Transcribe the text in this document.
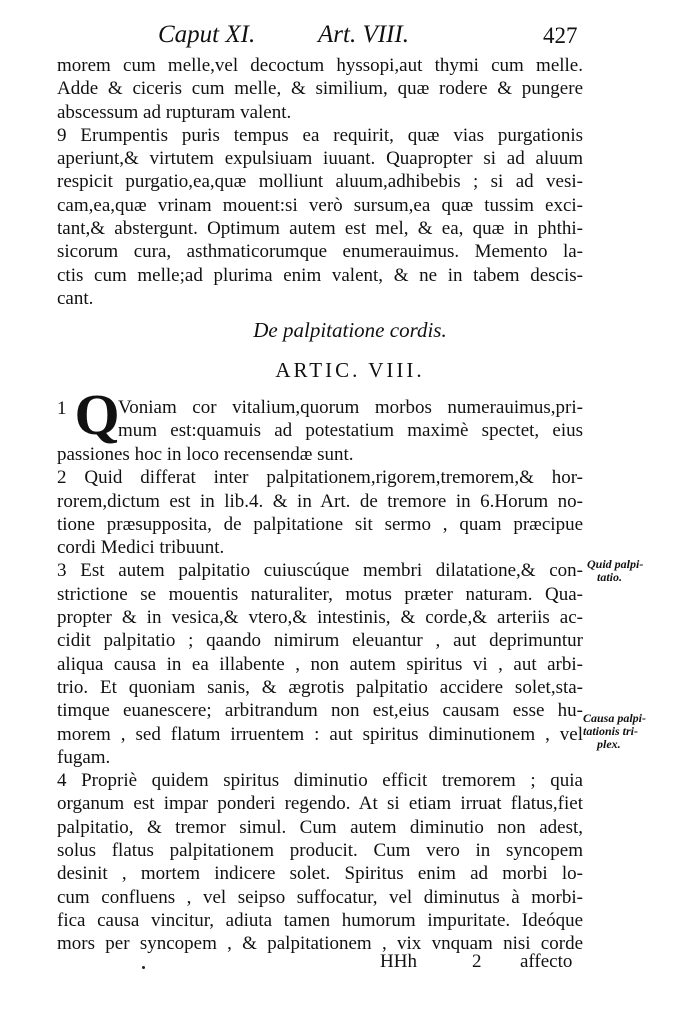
Caput XI.	Art. VIII.	427
morem cum melle,vel decoctum hyssopi,aut thymi cum melle.
Adde & ciceris cum melle, & similium, quæ rodere & pungere
abscessum ad rupturam valent.
9 Erumpentis puris tempus ea requirit, quæ vias purgationis
aperiunt,& virtutem expulsiuam iuuant. Quapropter si ad aluum
respicit purgatio,ea,quæ molliunt aluum,adhibebis ; si ad vesi-
cam,ea,quæ vrinam mouent:si verò sursum,ea quæ tussim exci-
tant,& abstergunt. Optimum autem est mel, & ea, quæ in phthi-
sicorum cura, asthmaticorumque enumerauimus. Memento la-
ctis cum melle;ad plurima enim valent, & ne in tabem descis-
cant.
De palpitatione cordis.
ARTIC. VIII.
1 Q
Voniam cor vitalium,quorum morbos numerauimus,pri-
mum est:quamuis ad potestatium maximè spectet, eius
passiones hoc in loco recensendæ sunt.
2 Quid differat inter palpitationem,rigorem,tremorem,& hor-
rorem,dictum est in lib.4. & in Art. de tremore in 6.Horum no-
tione præsupposita, de palpitatione sit sermo , quam præcipue
cordi Medici tribuunt.
3 Est autem palpitatio cuiuscúque membri dilatatione,& con-
strictione se mouentis naturaliter, motus præter naturam. Qua-
propter & in vesica,& vtero,& intestinis, & corde,& arteriis ac-
cidit palpitatio ; qaando nimirum eleuantur , aut deprimuntur
aliqua causa in ea illabente , non autem spiritus vi , aut arbi-
trio. Et quoniam sanis, & ægrotis palpitatio accidere solet,sta-
timque euanescere; arbitrandum non est,eius causam esse hu-
morem , sed flatum irruentem : aut spiritus diminutionem , vel
fugam.
4 Propriè quidem spiritus diminutio efficit tremorem ; quia
organum est impar ponderi regendo. At si etiam irruat flatus,fiet
palpitatio, & tremor simul. Cum autem diminutio non adest,
solus flatus palpitationem producit. Cum vero in syncopem
desinit , mortem indicere solet. Spiritus enim ad morbi lo-
cum confluens , vel seipso suffocatur, vel diminutus à morbi-
fica causa vincitur, adiuta tamen humorum impuritate. Ideóque
mors per syncopem , & palpitationem , vix vnquam nisi corde
Quid palpi-
tatio.
Causa palpi-
tationis tri-
plex.
HHh	2 affecto
